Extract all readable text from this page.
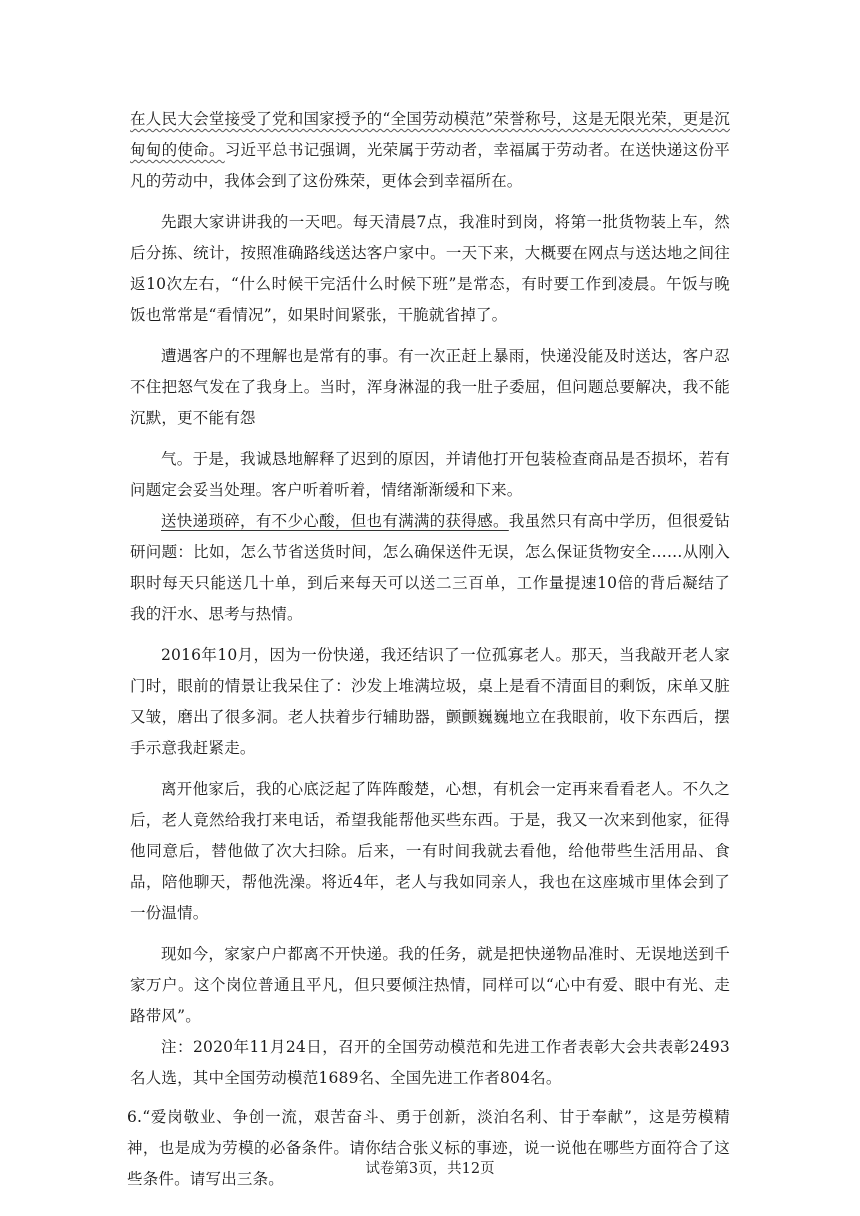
在人民大会堂接受了党和国家授予的“全国劳动模范”荣誉称号，这是无限光荣，更是沉甸甸的使命。习近平总书记强调，光荣属于劳动者，幸福属于劳动者。在送快递这份平凡的劳动中，我体会到了这份殊荣，更体会到幸福所在。

先跟大家讲讲我的一天吧。每天清晨7点，我准时到岗，将第一批货物装上车，然后分拣、统计，按照准确路线送达客户家中。一天下来，大概要在网点与送达地之间往返10次左右，“什么时候干完活什么时候下班”是常态，有时要工作到凌晨。午饭与晚饭也常常是“看情况”，如果时间紧张，干脆就省掉了。

遭遇客户的不理解也是常有的事。有一次正赶上暴雨，快递没能及时送达，客户忍不住把怒气发在了我身上。当时，浑身淋湿的我一肚子委屈，但问题总要解决，我不能沉默，更不能有怨

气。于是，我诚恳地解释了迟到的原因，并请他打开包装检查商品是否损坏，若有问题定会妥当处理。客户听着听着，情绪渐渐缓和下来。

送快递琐碎，有不少心酸，但也有满满的获得感。我虽然只有高中学历，但很爱钻研问题：比如，怎么节省送货时间，怎么确保送件无误，怎么保证货物安全……从刚入职时每天只能送几十单，到后来每天可以送二三百单，工作量提速10倍的背后凝结了我的汗水、思考与热情。

2016年10月，因为一份快递，我还结识了一位孤寡老人。那天，当我敲开老人家门时，眼前的情景让我呆住了：沙发上堆满垃圾，桌上是看不清面目的剩饭，床单又脏又皱，磨出了很多洞。老人扶着步行辅助器，颤颤巍巍地立在我眼前，收下东西后，摆手示意我赶紧走。

离开他家后，我的心底泛起了阵阵酸楚，心想，有机会一定再来看看老人。不久之后，老人竟然给我打来电话，希望我能帮他买些东西。于是，我又一次来到他家，征得他同意后，替他做了次大扫除。后来，一有时间我就去看他，给他带些生活用品、食品，陪他聊天，帮他洗澡。将近4年，老人与我如同亲人，我也在这座城市里体会到了一份温情。

现如今，家家户户都离不开快递。我的任务，就是把快递物品准时、无误地送到千家万户。这个岗位普通且平凡，但只要倾注热情，同样可以“心中有爱、眼中有光、走路带风”。

注：2020年11月24日，召开的全国劳动模范和先进工作者表彰大会共表彰2493名人选，其中全国劳动模范1689名、全国先进工作者804名。

6.“爱岗敬业、争创一流，艰苦奋斗、勇于创新，淡泊名利、甘于奉献”，这是劳模精神，也是成为劳模的必备条件。请你结合张义标的事迹，说一说他在哪些方面符合了这些条件。请写出三条。

试卷第3页，共12页
